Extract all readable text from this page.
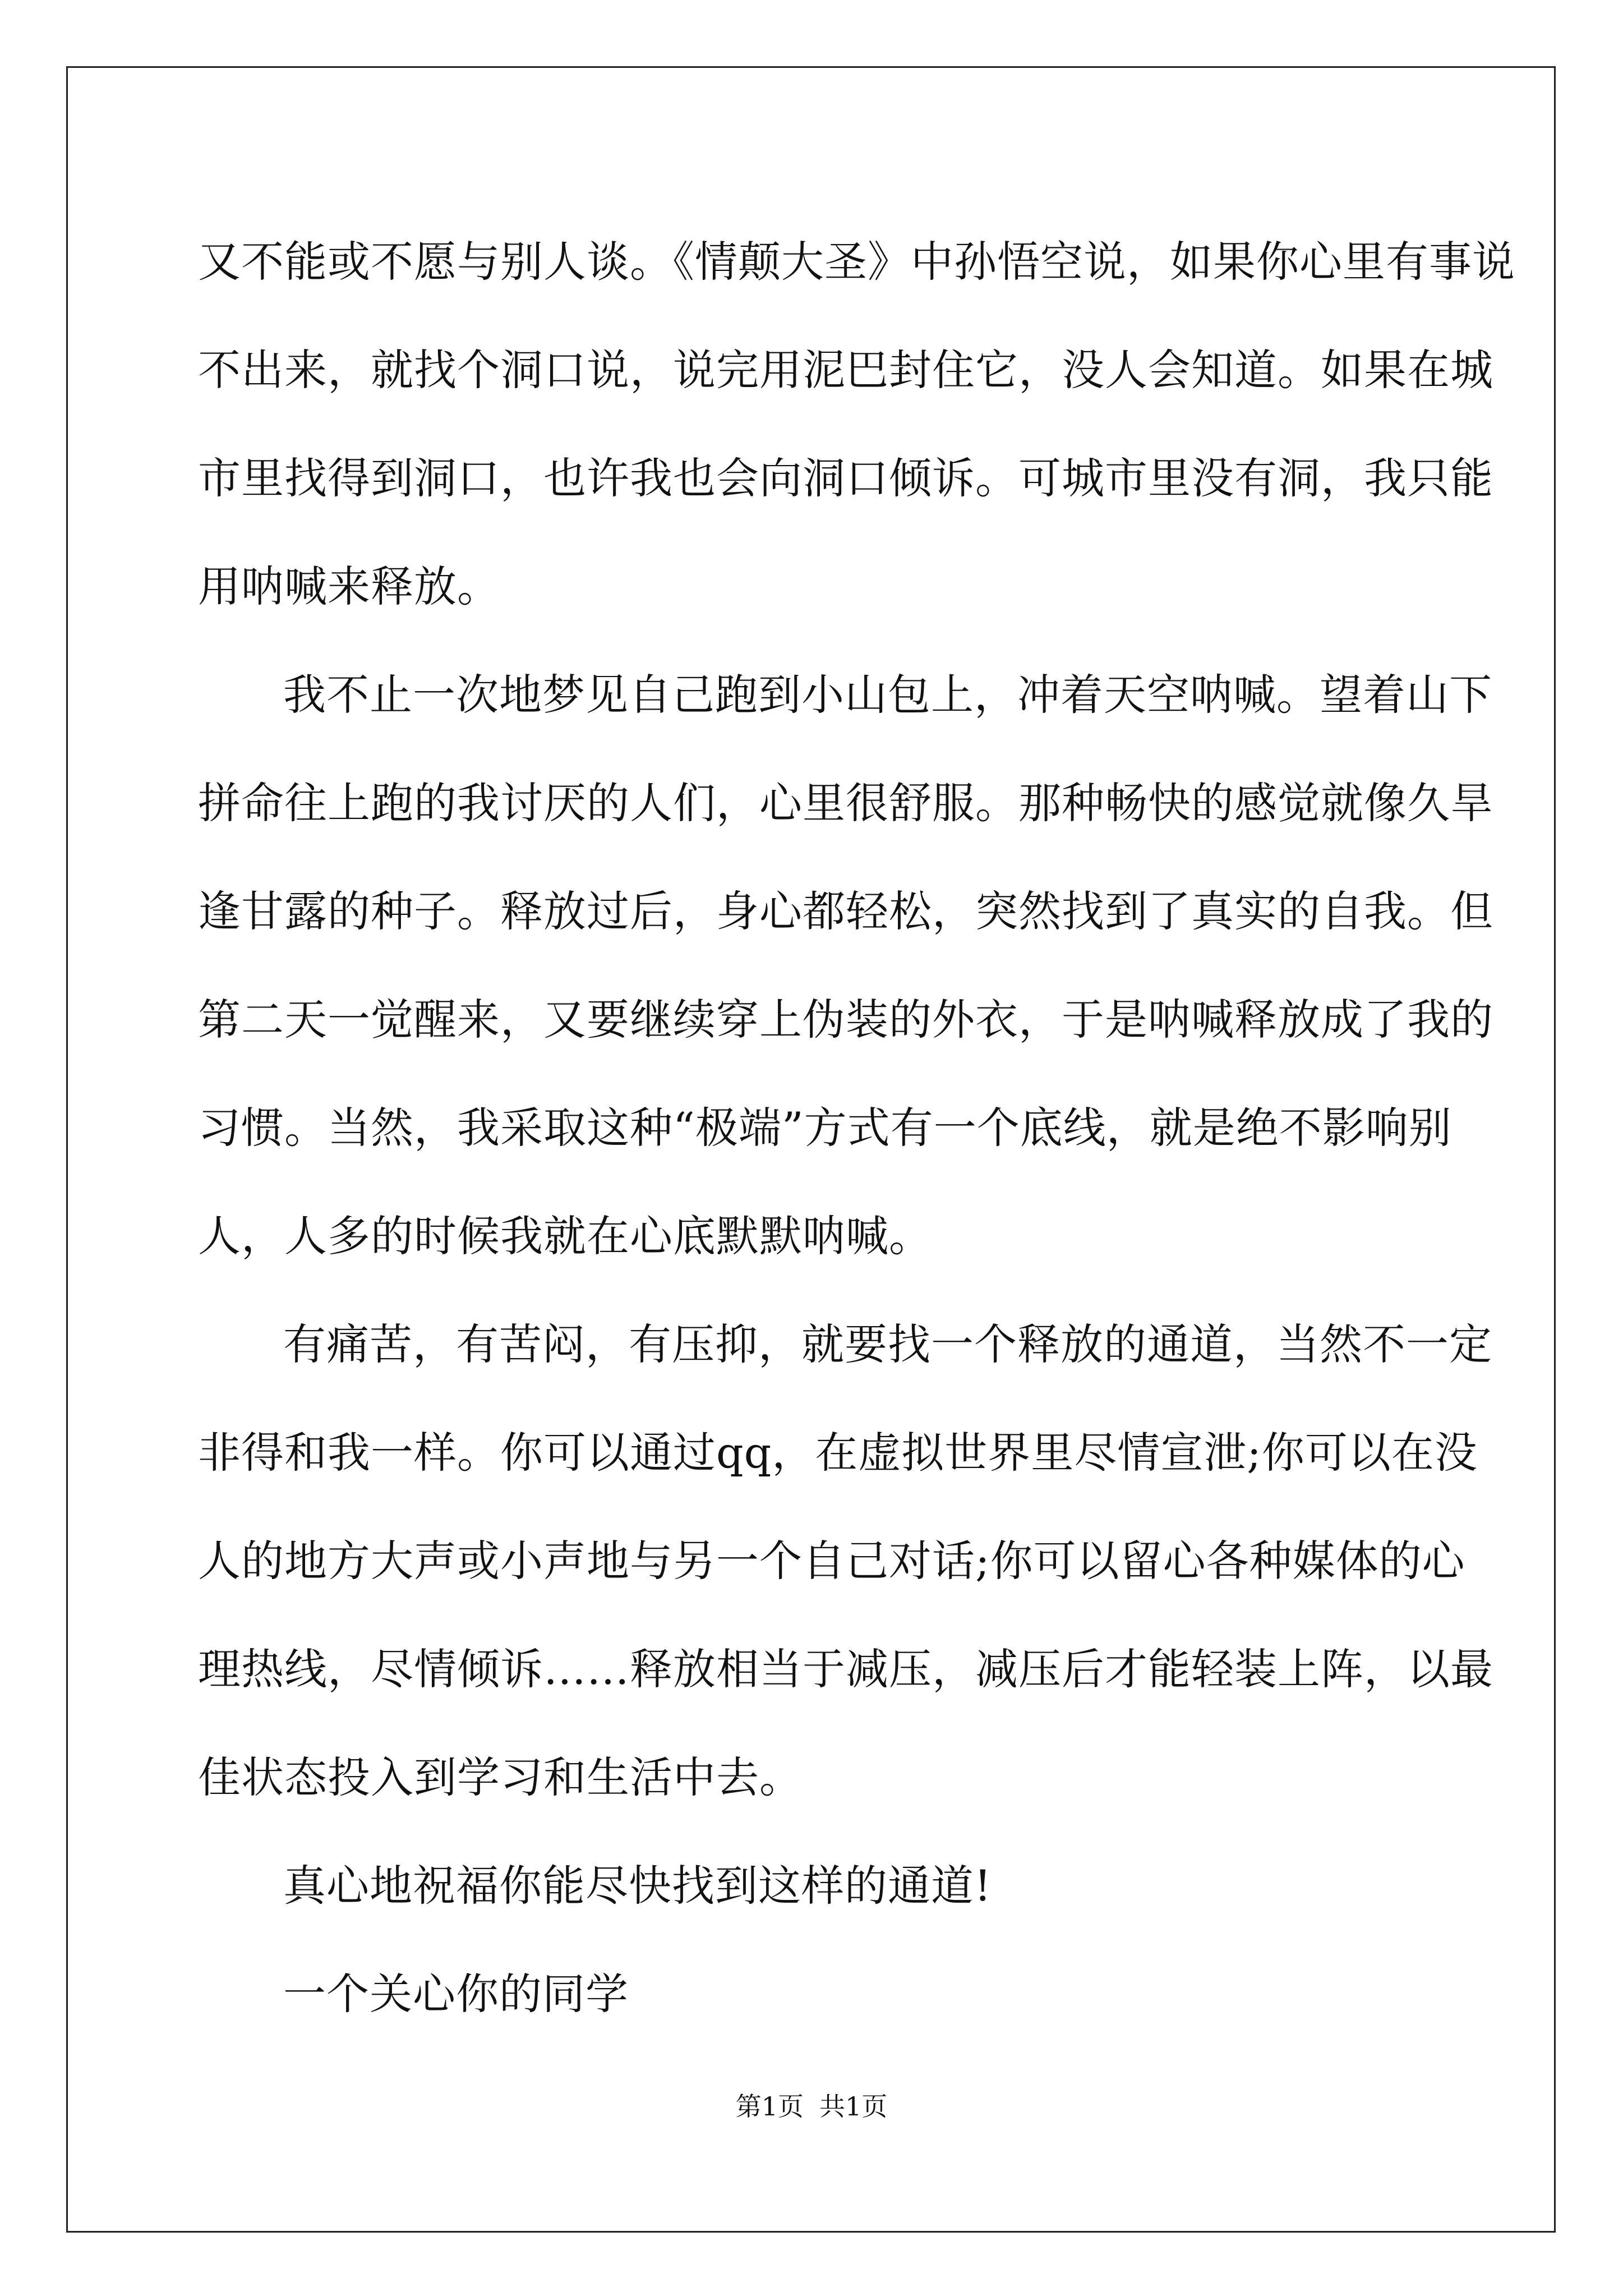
又不能或不愿与别人谈。《情颠大圣》中孙悟空说，如果你心里有事说
不出来，就找个洞口说，说完用泥巴封住它，没人会知道。如果在城
市里找得到洞口，也许我也会向洞口倾诉。可城市里没有洞，我只能
用呐喊来释放。
我不止一次地梦见自己跑到小山包上，冲着天空呐喊。望着山下
拼命往上跑的我讨厌的人们，心里很舒服。那种畅快的感觉就像久旱
逢甘露的种子。释放过后，身心都轻松，突然找到了真实的自我。但
第二天一觉醒来，又要继续穿上伪装的外衣，于是呐喊释放成了我的
习惯。当然，我采取这种“极端”方式有一个底线，就是绝不影响别
人，人多的时候我就在心底默默呐喊。
有痛苦，有苦闷，有压抑，就要找一个释放的通道，当然不一定
非得和我一样。你可以通过qq，在虚拟世界里尽情宣泄;你可以在没
人的地方大声或小声地与另一个自己对话;你可以留心各种媒体的心
理热线，尽情倾诉……释放相当于减压，减压后才能轻装上阵，以最
佳状态投入到学习和生活中去。
真心地祝福你能尽快找到这样的通道!
一个关心你的同学
第1页 共1页
